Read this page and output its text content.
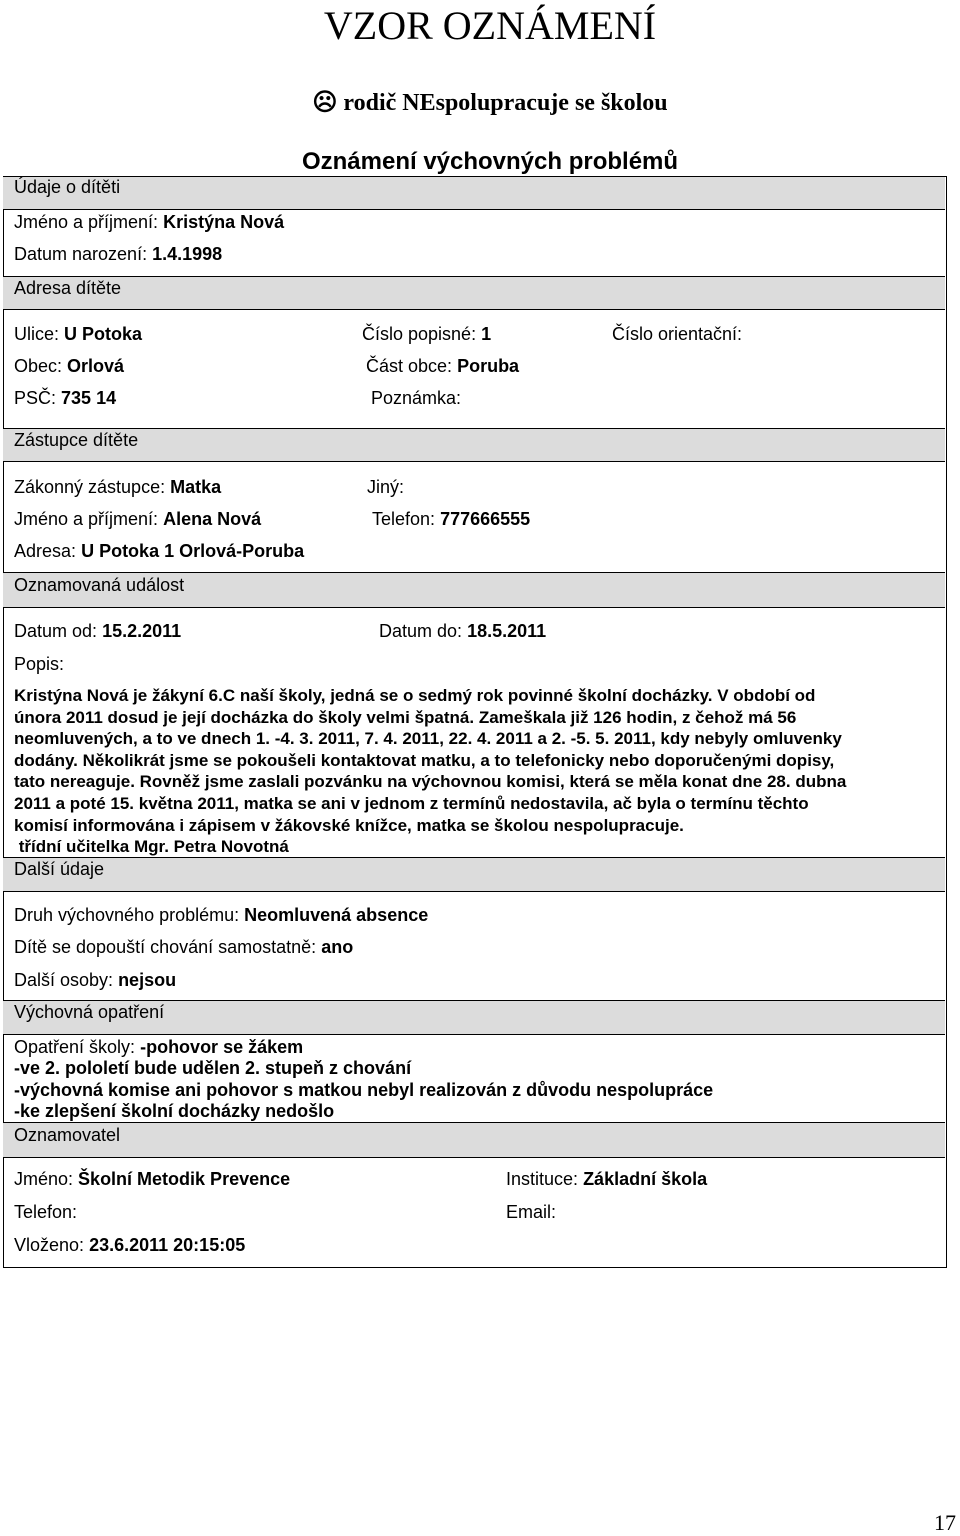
VZOR OZNÁMENÍ
☹ rodič NEspolupracuje se školou
Oznámení výchovných problémů
Údaje o dítěti
Jméno a příjmení: Kristýna Nová
Datum narození: 1.4.1998
Adresa dítěte
Ulice: U Potoka	Číslo popisné: 1	Číslo orientační:
Obec: Orlová	Část obce: Poruba
PSČ: 735 14	Poznámka:
Zástupce dítěte
Zákonný zástupce: Matka	Jiný:
Jméno a příjmení: Alena Nová	Telefon: 777666555
Adresa: U Potoka 1 Orlová-Poruba
Oznamovaná událost
Datum od: 15.2.2011	Datum do: 18.5.2011
Popis:
Kristýna Nová je žákyní 6.C naší školy, jedná se o sedmý rok povinné školní docházky. V období od
února 2011 dosud je její docházka do školy velmi špatná. Zameškala již 126 hodin, z čehož má 56
neomluvených, a to ve dnech 1. -4. 3. 2011, 7. 4. 2011, 22. 4. 2011 a 2. -5. 5. 2011, kdy nebyly omluvenky
dodány. Několikrát jsme se pokoušeli kontaktovat matku, a to telefonicky nebo doporučenými dopisy,
tato nereaguje. Rovněž jsme zaslali pozvánku na výchovnou komisi, která se měla konat dne 28. dubna
2011 a poté 15. května 2011, matka se ani v jednom z termínů nedostavila, ač byla o termínu těchto
komisí informována i zápisem v žákovské knížce, matka se školou nespolupracuje.
třídní učitelka Mgr. Petra Novotná
Další údaje
Druh výchovného problému: Neomluvená absence
Dítě se dopouští chování samostatně: ano
Další osoby: nejsou
Výchovná opatření
Opatření školy: -pohovor se žákem
-ve 2. pololetí bude udělen 2. stupeň z chování
-výchovná komise ani pohovor s matkou nebyl realizován z důvodu nespolupráce
-ke zlepšení školní docházky nedošlo
Oznamovatel
Jméno: Školní Metodik Prevence	Instituce: Základní škola
Telefon:	Email:
Vloženo: 23.6.2011 20:15:05
17
